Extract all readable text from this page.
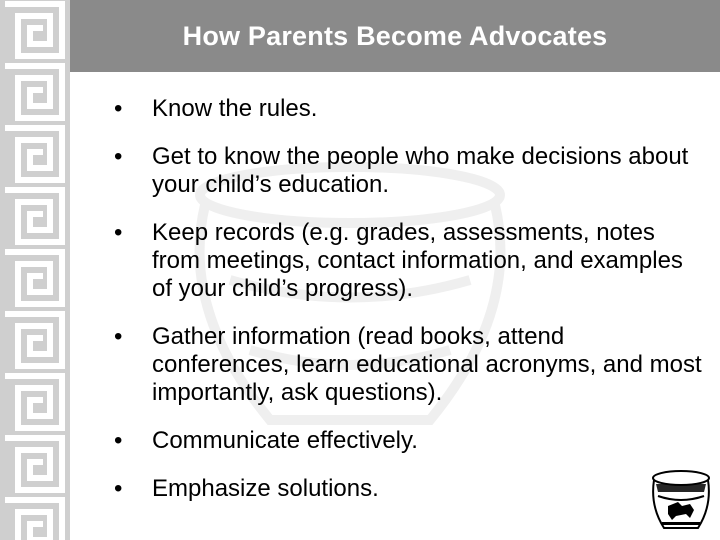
How Parents Become Advocates
• Know the rules.
• Get to know the people who make decisions about your child’s education.
• Keep records (e.g. grades, assessments, notes from meetings, contact information, and examples of your child’s progress).
• Gather information (read books, attend conferences, learn educational acronyms, and most importantly, ask questions).
• Communicate effectively.
• Emphasize solutions.
